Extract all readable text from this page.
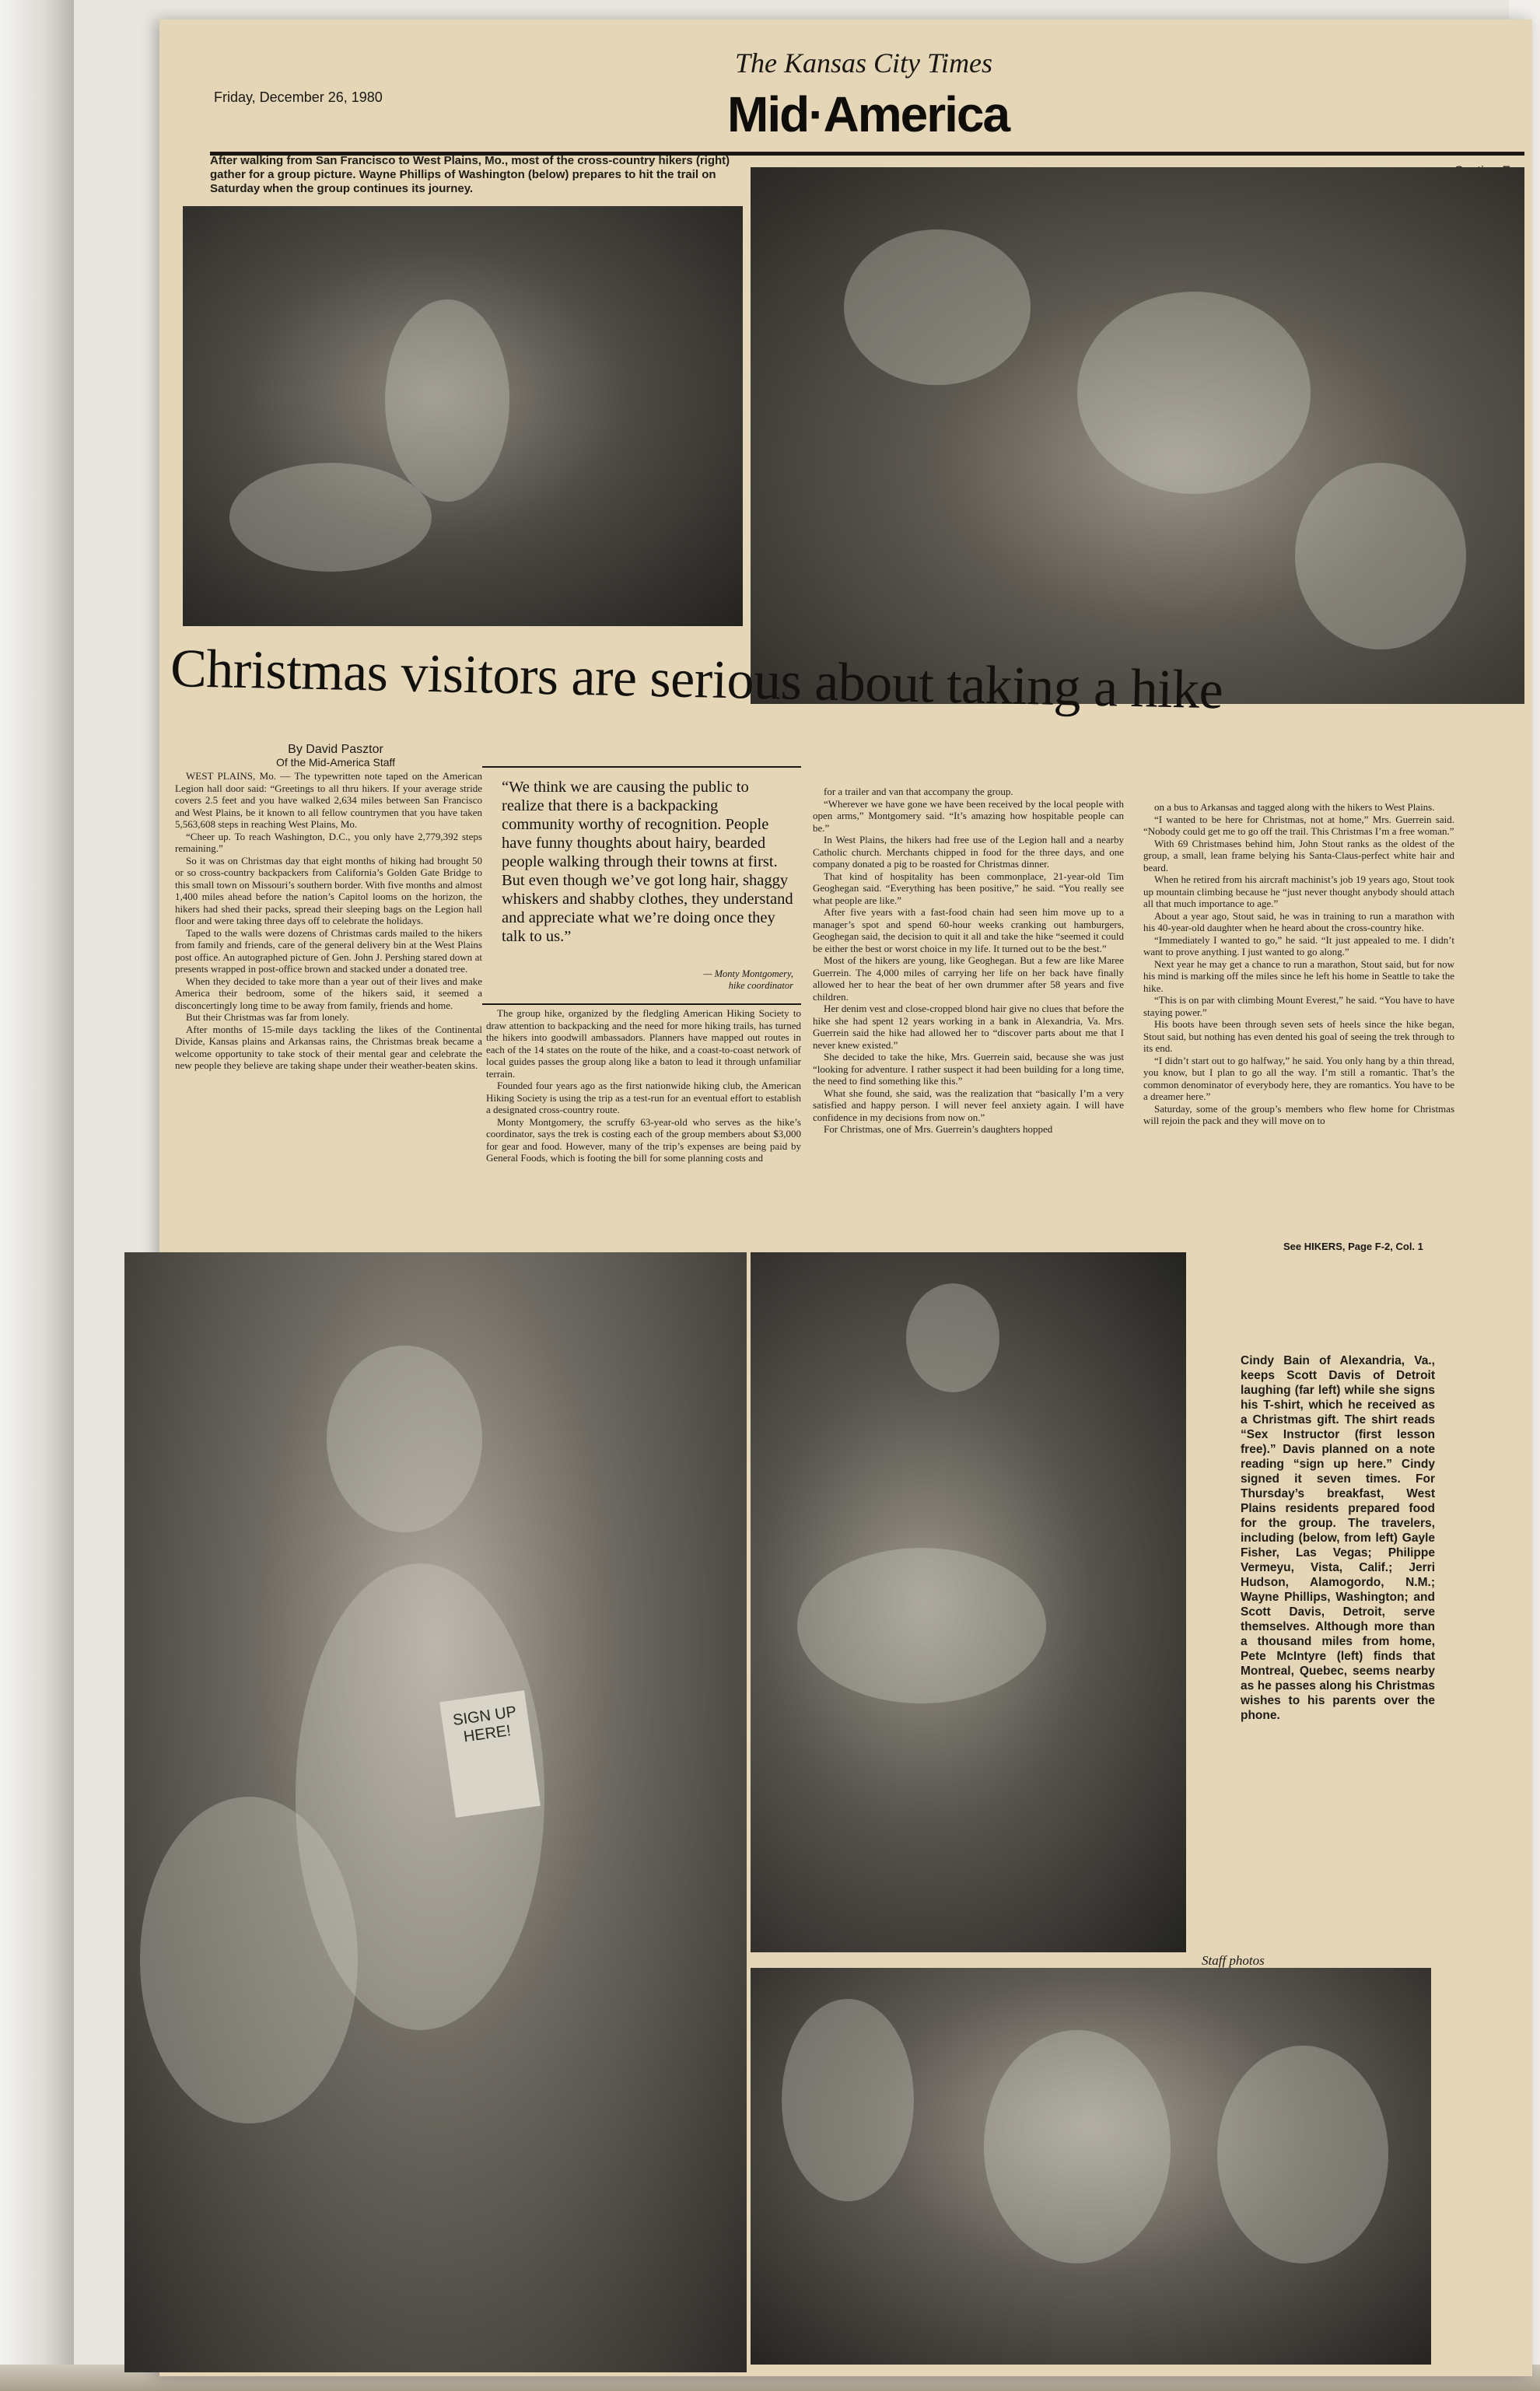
The Kansas City Times
Friday, December 26, 1980	Mid·America
After walking from San Francisco to West Plains, Mo., most of the cross-country hikers (right) gather for a group picture. Wayne Phillips of Washington (below) prepares to hit the trail on Saturday when the group continues its journey.
Christmas visitors are serious about taking a hike
By David Pasztor
Of the Mid-America Staff

WEST PLAINS, Mo. — The typewritten note taped on the American Legion hall door said: “Greetings to all thru hikers. If your average stride covers 2.5 feet and you have walked 2,634 miles between San Francisco and West Plains, be it known to all fellow countrymen that you have taken 5,563,608 steps in reaching West Plains, Mo.

“Cheer up. To reach Washington, D.C., you only have 2,779,392 steps remaining.”

So it was on Christmas day that eight months of hiking had brought 50 or so cross-country backpackers from California’s Golden Gate Bridge to this small town on Missouri’s southern border. With five months and almost 1,400 miles ahead before the nation’s Capitol looms on the horizon, the hikers had shed their packs, spread their sleeping bags on the Legion hall floor and were taking three days off to celebrate the holidays.

Taped to the walls were dozens of Christmas cards mailed to the hikers from family and friends, care of the general delivery bin at the West Plains post office. An autographed picture of Gen. John J. Pershing stared down at presents wrapped in post-office brown and stacked under a donated tree.

When they decided to take more than a year out of their lives and make America their bedroom, some of the hikers said, it seemed a disconcertingly long time to be away from family, friends and home.

But their Christmas was far from lonely.

After months of 15-mile days tackling the likes of the Continental Divide, Kansas plains and Arkansas rains, the Christmas break became a welcome opportunity to take stock of their mental gear and celebrate the new people they believe are taking shape under their weather-beaten skins.

“We think we are causing the public to realize that there is a backpacking community worthy of recognition. People have funny thoughts about hairy, bearded people walking through their towns at first. But even though we’ve got long hair, shaggy whiskers and shabby clothes, they understand and appreciate what we’re doing once they talk to us.”
— Monty Montgomery,
hike coordinator

The group hike, organized by the fledgling American Hiking Society to draw attention to backpacking and the need for more hiking trails, has turned the hikers into goodwill ambassadors. Planners have mapped out routes in each of the 14 states on the route of the hike, and a coast-to-coast network of local guides passes the group along like a baton to lead it through unfamiliar terrain.

Founded four years ago as the first nationwide hiking club, the American Hiking Society is using the trip as a test-run for an eventual effort to establish a designated cross-country route.

Monty Montgomery, the scruffy 63-year-old who serves as the hike’s coordinator, says the trek is costing each of the group members about $3,000 for gear and food. However, many of the trip’s expenses are being paid by General Foods, which is footing the bill for some planning costs and

for a trailer and van that accompany the group.

“Wherever we have gone we have been received by the local people with open arms,” Montgomery said. “It’s amazing how hospitable people can be.”

In West Plains, the hikers had free use of the Legion hall and a nearby Catholic church. Merchants chipped in food for the three days, and one company donated a pig to be roasted for Christmas dinner.

That kind of hospitality has been commonplace, 21-year-old Tim Geoghegan said. “Everything has been positive,” he said. “You really see what people are like.”

After five years with a fast-food chain had seen him move up to a manager’s spot and spend 60-hour weeks cranking out hamburgers, Geoghegan said, the decision to quit it all and take the hike “seemed it could be either the best or worst choice in my life. It turned out to be the best.”

Most of the hikers are young, like Geoghegan. But a few are like Maree Guerrein. The 4,000 miles of carrying her life on her back have finally allowed her to hear the beat of her own drummer after 58 years and five children.

Her denim vest and close-cropped blond hair give no clues that before the hike she had spent 12 years working in a bank in Alexandria, Va. Mrs. Guerrein said the hike had allowed her to “discover parts about me that I never knew existed.”

She decided to take the hike, Mrs. Guerrein said, because she was just “looking for adventure. I rather suspect it had been building for a long time, the need to find something like this.”

What she found, she said, was the realization that “basically I’m a very satisfied and happy person. I will never feel anxiety again. I will have confidence in my decisions from now on.”

For Christmas, one of Mrs. Guerrein’s daughters hopped

on a bus to Arkansas and tagged along with the hikers to West Plains.

“I wanted to be here for Christmas, not at home,” Mrs. Guerrein said. “Nobody could get me to go off the trail. This Christmas I’m a free woman.”

With 69 Christmases behind him, John Stout ranks as the oldest of the group, a small, lean frame belying his Santa-Claus-perfect white hair and beard.

When he retired from his aircraft machinist’s job 19 years ago, Stout took up mountain climbing because he “just never thought anybody should attach all that much importance to age.”

About a year ago, Stout said, he was in training to run a marathon with his 40-year-old daughter when he heard about the cross-country hike.

“Immediately I wanted to go,” he said. “It just appealed to me. I didn’t want to prove anything. I just wanted to go along.”

Next year he may get a chance to run a marathon, Stout said, but for now his mind is marking off the miles since he left his home in Seattle to take the hike.

“This is on par with climbing Mount Everest,” he said. “You have to have staying power.”

His boots have been through seven sets of heels since the hike began, Stout said, but nothing has even dented his goal of seeing the trek through to its end.

“I didn’t start out to go halfway,” he said. You only hang by a thin thread, you know, but I plan to go all the way. I’m still a romantic. That’s the common denominator of everybody here, they are romantics. You have to be a dreamer here.”

Saturday, some of the group’s members who flew home for Christmas will rejoin the pack and they will move on to

See HIKERS, Page F-2, Col. 1
SIGN UP HERE!
Cindy Bain of Alexandria, Va., keeps Scott Davis of Detroit laughing (far left) while she signs his T-shirt, which he received as a Christmas gift. The shirt reads “Sex Instructor (first lesson free).” Davis planned on a note reading “sign up here.” Cindy signed it seven times. For Thursday’s breakfast, West Plains residents prepared food for the group. The travelers, including (below, from left) Gayle Fisher, Las Vegas; Philippe Vermeyu, Vista, Calif.; Jerri Hudson, Alamogordo, N.M.; Wayne Phillips, Washington; and Scott Davis, Detroit, serve themselves. Although more than a thousand miles from home, Pete McIntyre (left) finds that Montreal, Quebec, seems nearby as he passes along his Christmas wishes to his parents over the phone.
Staff photos
